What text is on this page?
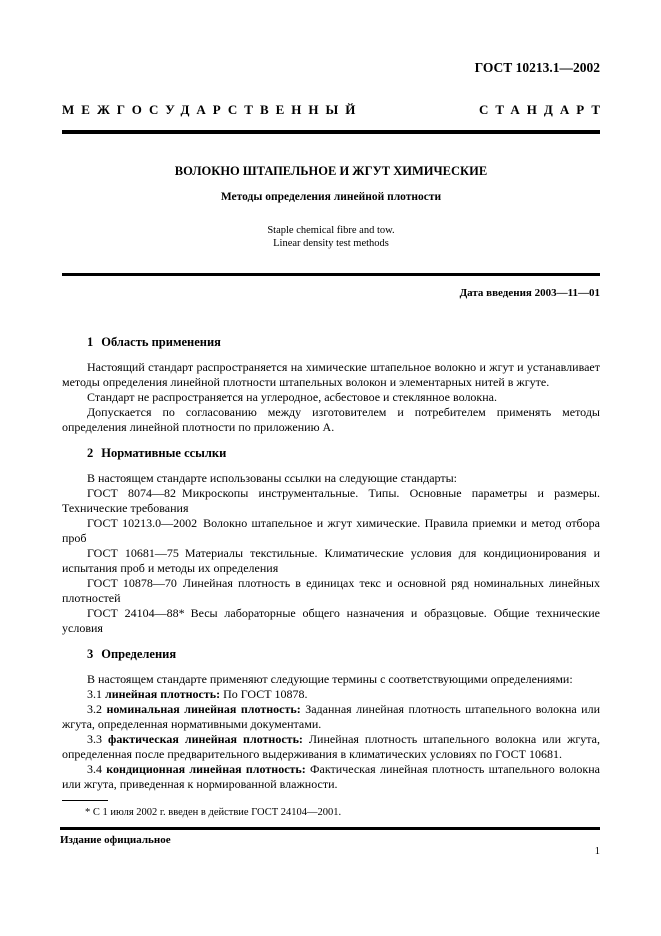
ГОСТ 10213.1—2002
МЕЖГОСУДАРСТВЕННЫЙ	СТАНДАРТ
ВОЛОКНО ШТАПЕЛЬНОЕ И ЖГУТ ХИМИЧЕСКИЕ
Методы определения линейной плотности
Staple chemical fibre and tow.
Linear density test methods
Дата введения 2003—11—01
1 Область применения

Настоящий стандарт распространяется на химические штапельное волокно и жгут и устанавливает методы определения линейной плотности штапельных волокон и элементарных нитей в жгуте.

Стандарт не распространяется на углеродное, асбестовое и стеклянное волокна.

Допускается по согласованию между изготовителем и потребителем применять методы определения линейной плотности по приложению А.

2 Нормативные ссылки

В настоящем стандарте использованы ссылки на следующие стандарты:

ГОСТ 8074—82 Микроскопы инструментальные. Типы. Основные параметры и размеры. Технические требования

ГОСТ 10213.0—2002 Волокно штапельное и жгут химические. Правила приемки и метод отбора проб

ГОСТ 10681—75 Материалы текстильные. Климатические условия для кондиционирования и испытания проб и методы их определения

ГОСТ 10878—70 Линейная плотность в единицах текс и основной ряд номинальных линейных плотностей

ГОСТ 24104—88* Весы лабораторные общего назначения и образцовые. Общие технические условия

3 Определения

В настоящем стандарте применяют следующие термины с соответствующими определениями:

3.1 линейная плотность: По ГОСТ 10878.

3.2 номинальная линейная плотность: Заданная линейная плотность штапельного волокна или жгута, определенная нормативными документами.

3.3 фактическая линейная плотность: Линейная плотность штапельного волокна или жгута, определенная после предварительного выдерживания в климатических условиях по ГОСТ 10681.

3.4 кондиционная линейная плотность: Фактическая линейная плотность штапельного волокна или жгута, приведенная к нормированной влажности.

* С 1 июля 2002 г. введен в действие ГОСТ 24104—2001.

Издание официальное
1
